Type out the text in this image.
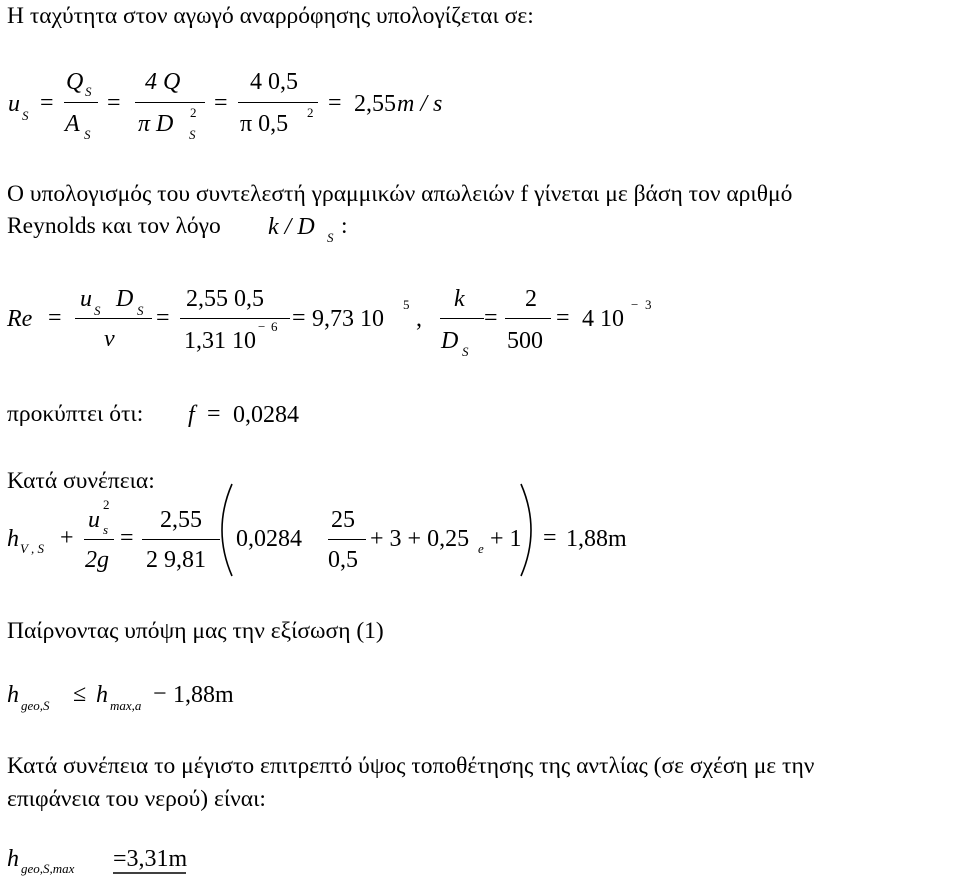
Η ταχύτητα στον αγωγό αναρρόφησης υπολογίζεται σε:
u S =
Q S
A S
=
4 Q
π D 2
S
=
4 0,5
π 0,5 2 = 2,55 m / s
Ο υπολογισμός του συντελεστή γραμμικών απωλειών f γίνεται με βάση τον αριθμό
Reynolds και τον λόγο k / D S :
Re =
u S D S
ν
=
2,55 0,5
1,31 10
− 6 = 9,73 10
5
,
k
D S
=
2
500
= 4 10
− 3
προκύπτει ότι: f = 0,0284
Κατά συνέπεια:
h V , S +
u
2
s
2g
=
2,55
2 9,81
0,0284
25
0,5
+ 3 + 0,25 e + 1 = 1,88m
Παίρνοντας υπόψη μας την εξίσωση (1)
h geo,S ≤ h max,a − 1,88m
Κατά συνέπεια το μέγιστο επιτρεπτό ύψος τοποθέτησης της αντλίας (σε σχέση με την
επιφάνεια του νερού) είναι:
h geo,S,max =3,31m
